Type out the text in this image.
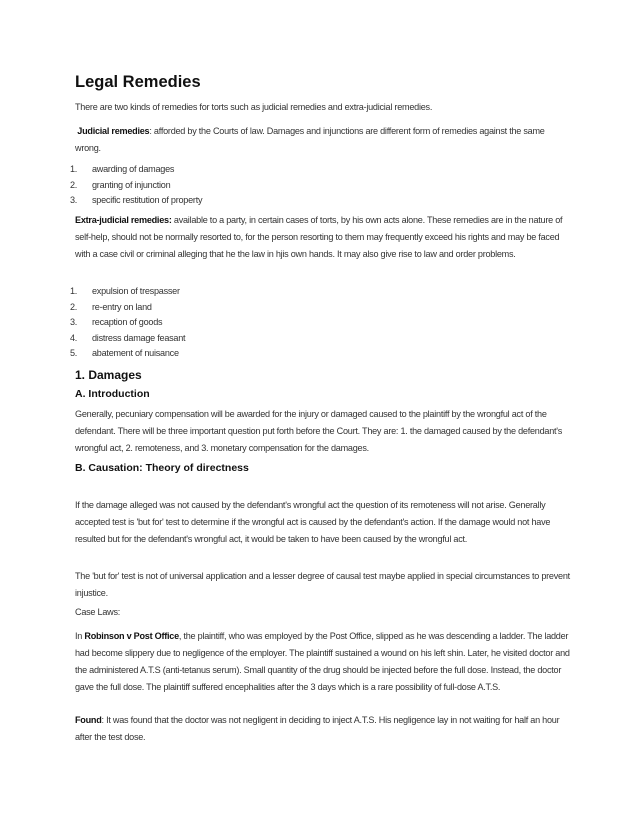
Legal Remedies
There are two kinds of remedies for torts such as judicial remedies and extra-judicial remedies.
Judicial remedies: afforded by the Courts of law. Damages and injunctions are different form of remedies against the same wrong.
1. awarding of damages
2. granting of injunction
3. specific restitution of property
Extra-judicial remedies: available to a party, in certain cases of torts, by his own acts alone. These remedies are in the nature of self-help, should not be normally resorted to, for the person resorting to them may frequently exceed his rights and may be faced with a case civil or criminal alleging that he the law in hjis own hands. It may also give rise to law and order problems.
1. expulsion of trespasser
2. re-entry on land
3. recaption of goods
4. distress damage feasant
5. abatement of nuisance
1. Damages
A. Introduction
Generally, pecuniary compensation will be awarded for the injury or damaged caused to the plaintiff by the wrongful act of the defendant. There will be three important question put forth before the Court. They are: 1. the damaged caused by the defendant's wrongful act, 2. remoteness, and 3. monetary compensation for the damages.
B. Causation: Theory of directness
If the damage alleged was not caused by the defendant's wrongful act the question of its remoteness will not arise. Generally accepted test is 'but for' test to determine if the wrongful act is caused by the defendant's action. If the damage would not have resulted but for the defendant's wrongful act, it would be taken to have been caused by the wrongful act.
The 'but for' test is not of universal application and a lesser degree of causal test maybe applied in special circumstances to prevent injustice.
Case Laws:
In Robinson v Post Office, the plaintiff, who was employed by the Post Office, slipped as he was descending a ladder. The ladder had become slippery due to negligence of the employer. The plaintiff sustained a wound on his left shin. Later, he visited doctor and the administered A.T.S (anti-tetanus serum). Small quantity of the drug should be injected before the full dose. Instead, the doctor gave the full dose. The plaintiff suffered encephalities after the 3 days which is a rare possibility of full-dose A.T.S.
Found: It was found that the doctor was not negligent in deciding to inject A.T.S. His negligence lay in not waiting for half an hour after the test dose.
